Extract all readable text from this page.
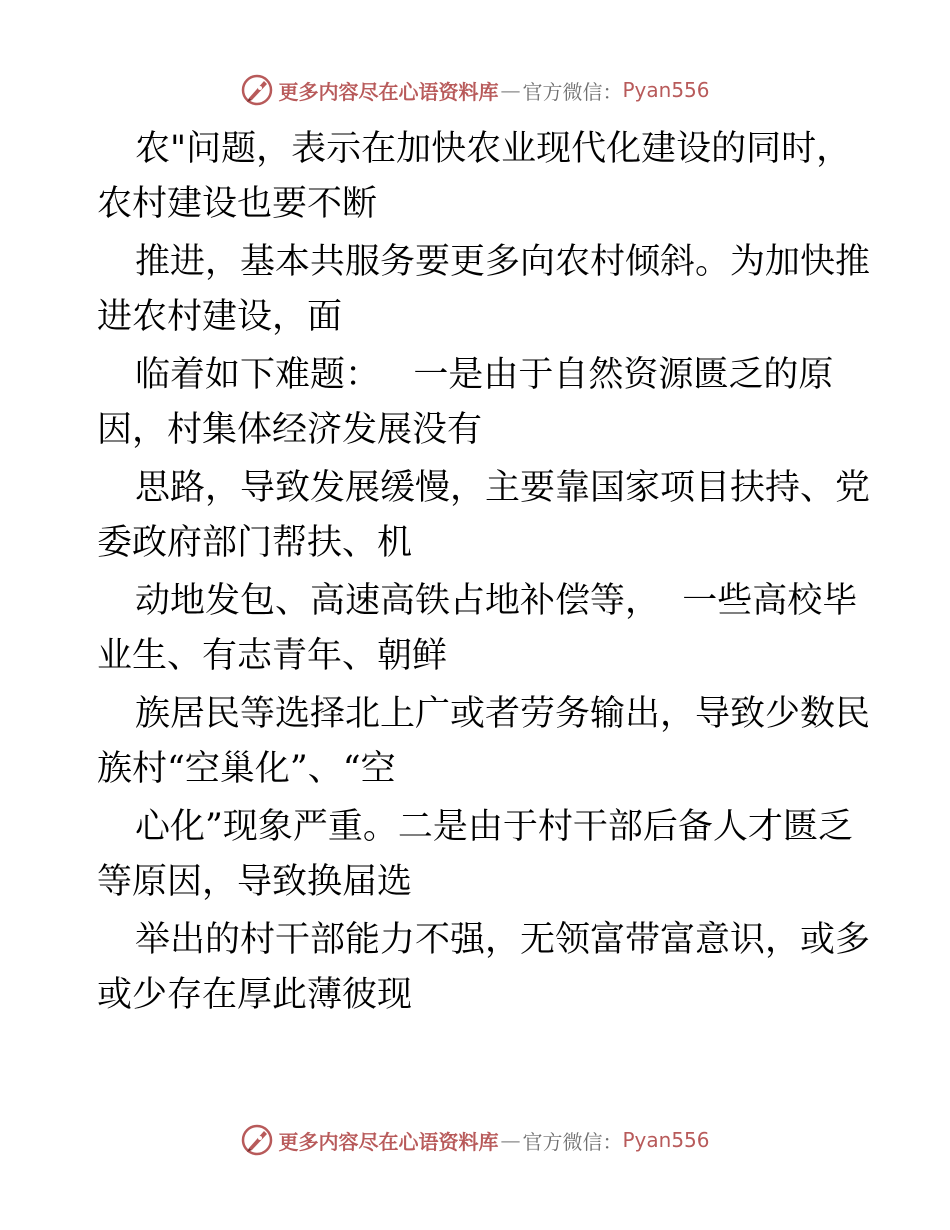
更多内容尽在心语资料库 — 官方微信： Pyan556
农"问题，表示在加快农业现代化建设的同时，
农村建设也要不断
推进，基本共服务要更多向农村倾斜。为加快推
进农村建设，面
临着如下难题：   一是由于自然资源匮乏的原
因，村集体经济发展没有
思路，导致发展缓慢，主要靠国家项目扶持、党
委政府部门帮扶、机
动地发包、高速高铁占地补偿等，  一些高校毕
业生、有志青年、朝鲜
族居民等选择北上广或者劳务输出，导致少数民
族村“空巢化”、“空
心化”现象严重。二是由于村干部后备人才匮乏
等原因，导致换届选
举出的村干部能力不强，无领富带富意识，或多
或少存在厚此薄彼现
更多内容尽在心语资料库 — 官方微信： Pyan556
